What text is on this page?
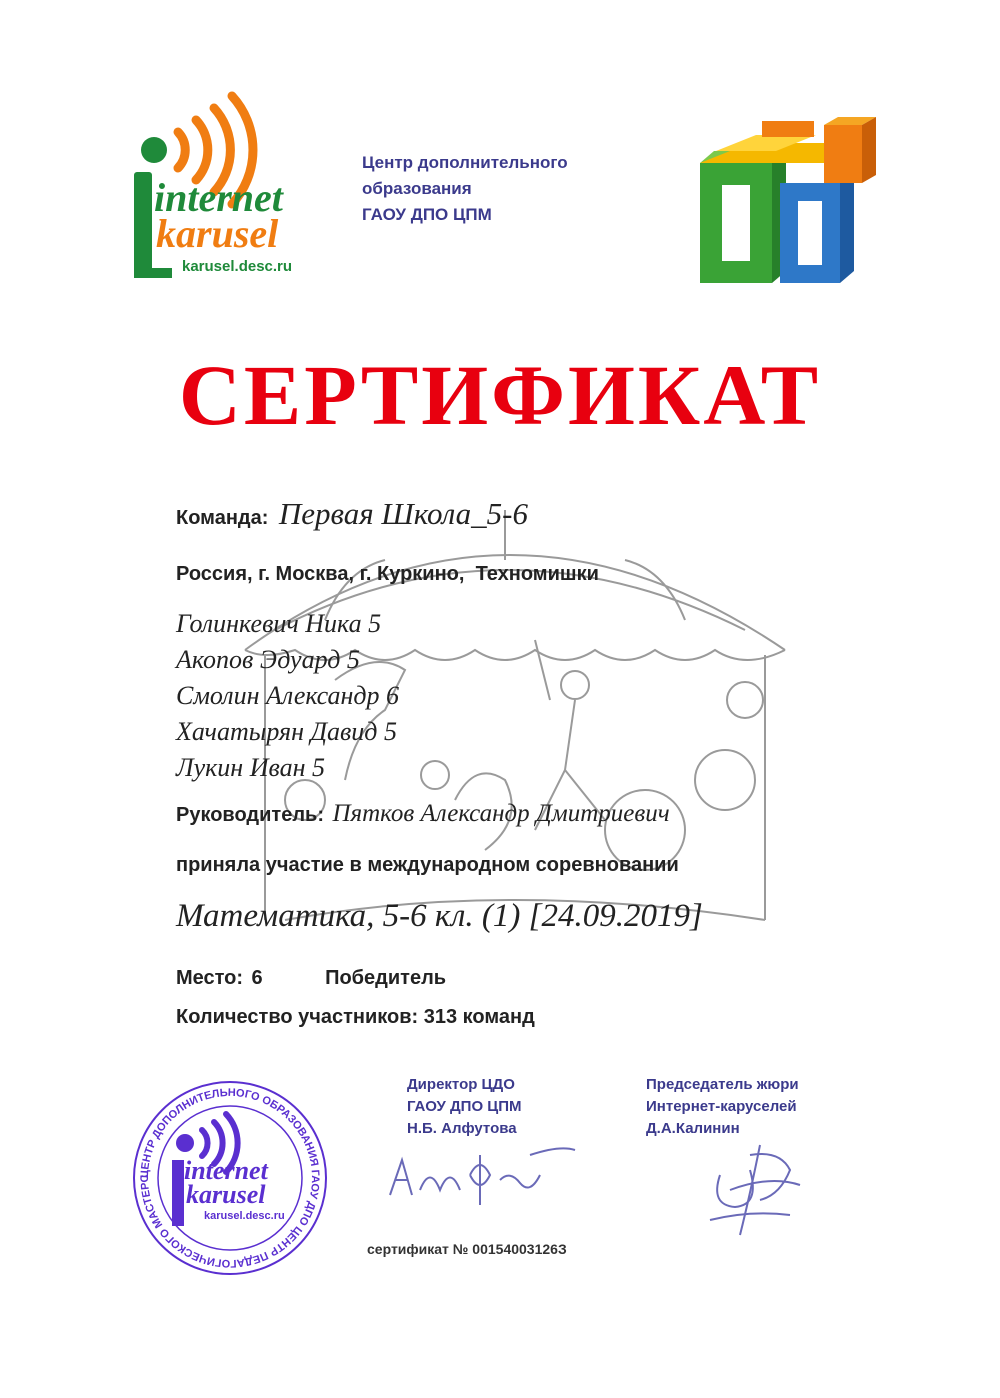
internet
karusel
karusel.desc.ru
Центр дополнительного
образования
ГАОУ ДПО ЦПМ
СЕРТИФИКАТ
Команда: Первая Школа_5-6
Россия, г. Москва, г. Куркино,  Техномишки
Голинкевич Ника 5
Акопов Эдуард 5
Смолин Александр 6
Хачатырян Давид 5
Лукин Иван 5
Руководитель: Пятков Александр Дмитриевич
приняла участие в международном соревновании
Математика, 5-6 кл. (1) [24.09.2019]
Место: 6	Победитель
Количество участников: 313 команд
ЦЕНТР ДОПОЛНИТЕЛЬНОГО ОБРАЗОВАНИЯ ГАОУ ДПО ЦЕНТР ПЕДАГОГИЧЕСКОГО МАСТЕРС	internet
karusel
karusel.desc.ru
Директор ЦДО
ГАОУ ДПО ЦПМ
Н.Б. Алфутова
Председатель жюри
Интернет-каруселей
Д.А.Калинин
сертификат № 00154003126З
